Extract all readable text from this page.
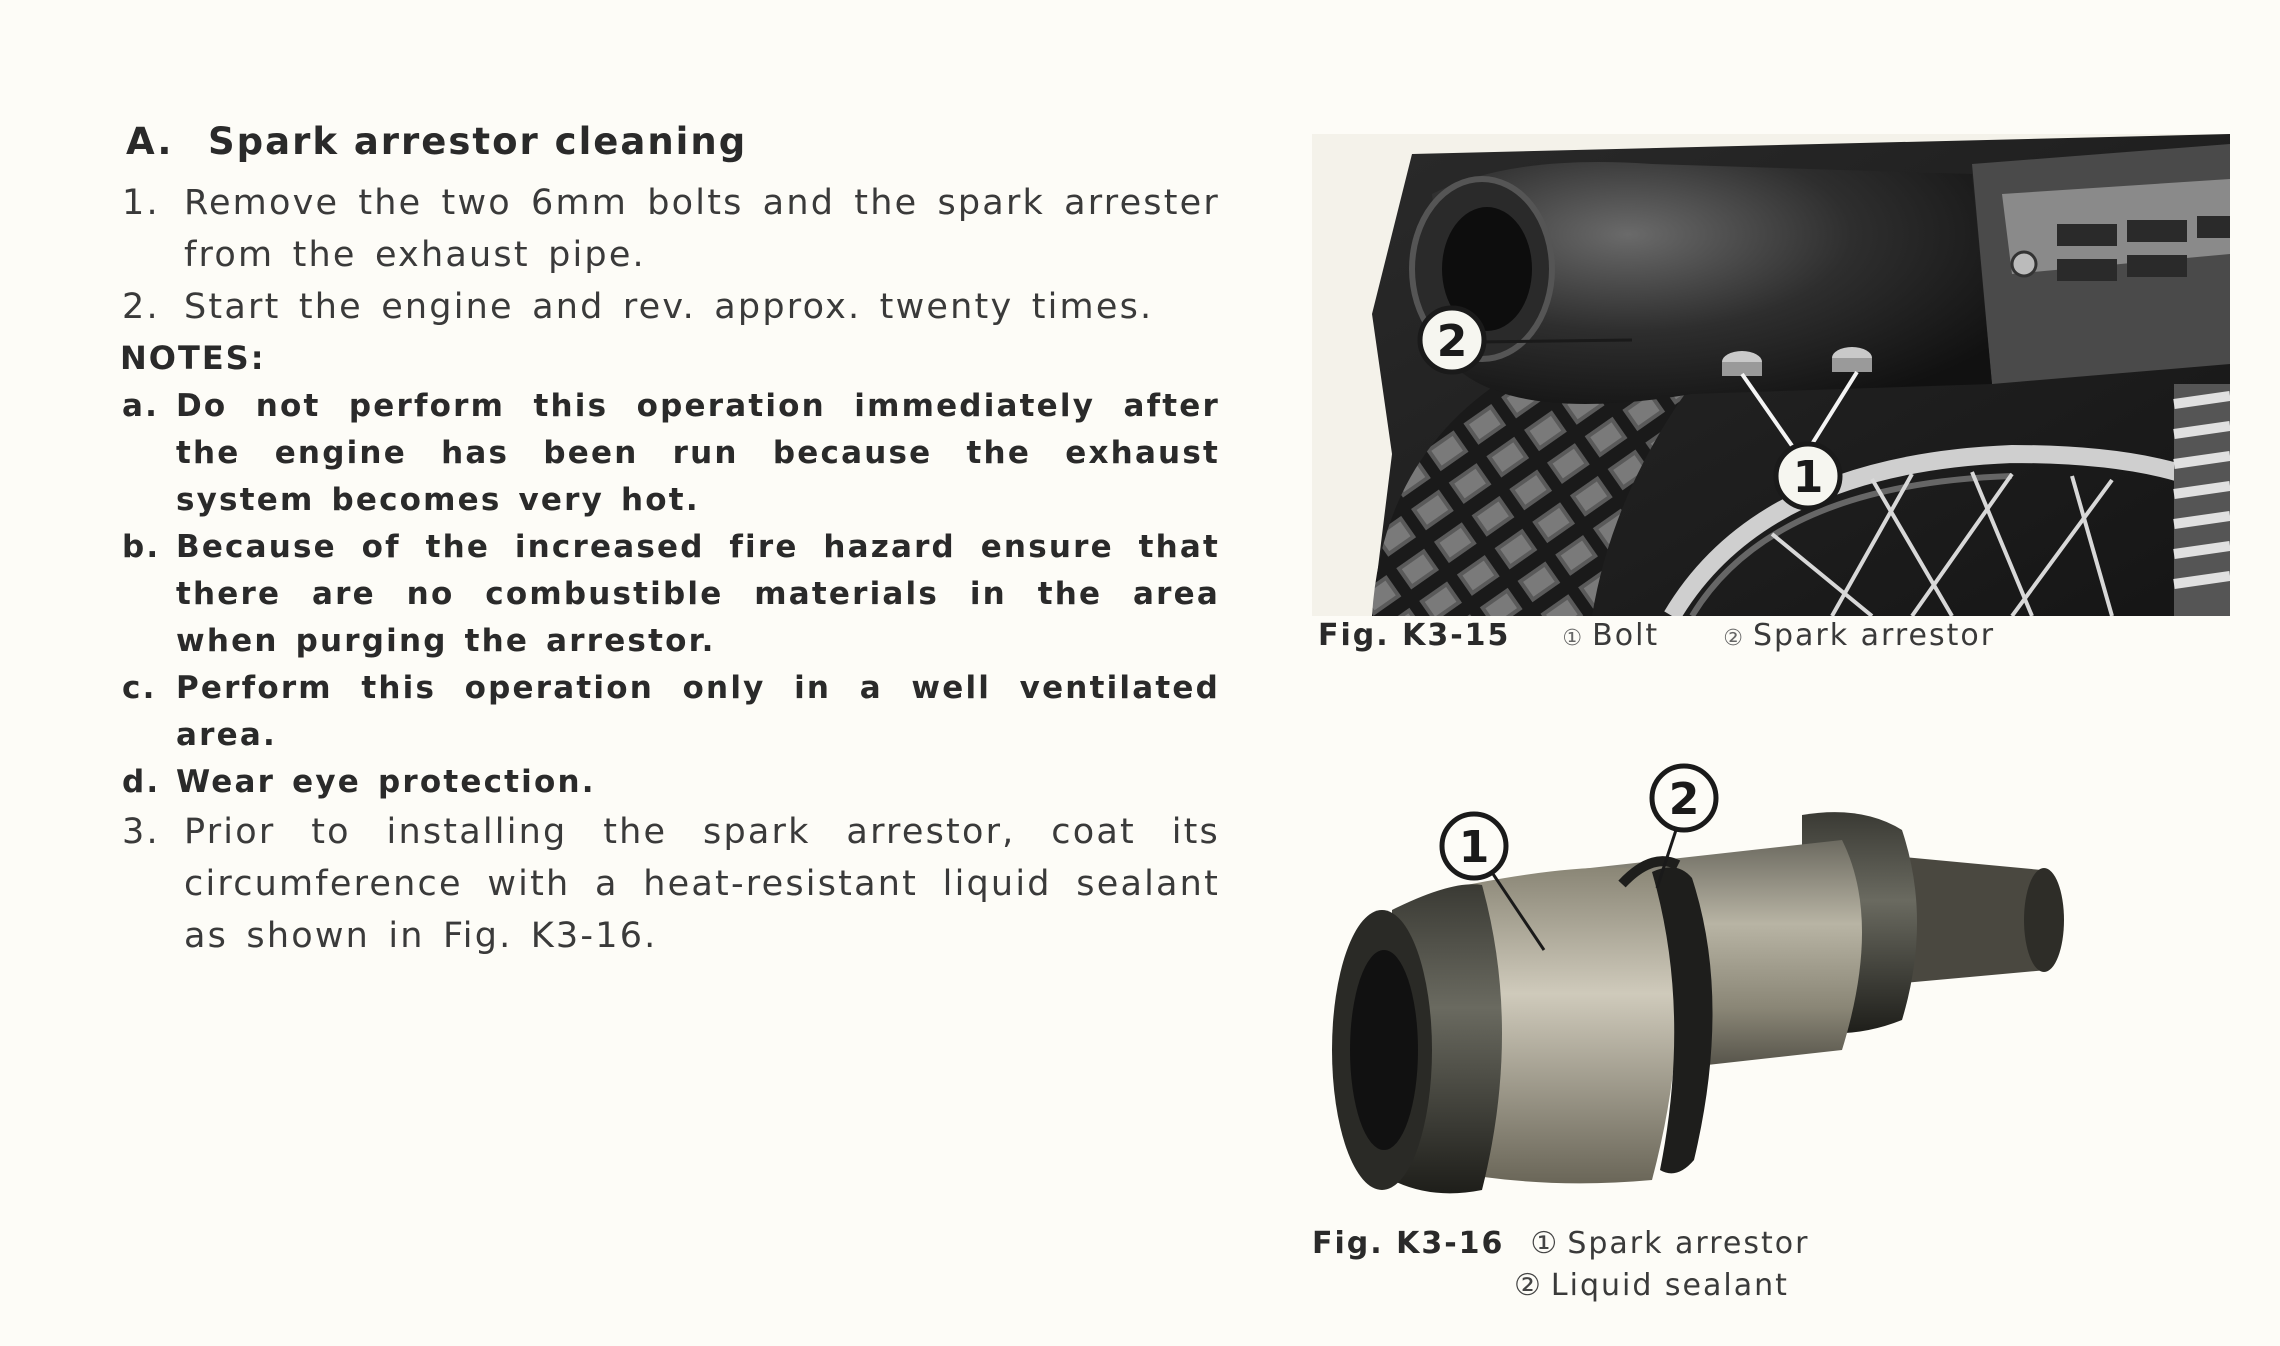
A. Spark arrestor cleaning
1. Remove the two 6mm bolts and the spark arrester from the exhaust pipe.
2. Start the engine and rev. approx. twenty times.
NOTES:
a. Do not perform this operation immediately after the engine has been run because the exhaust system becomes very hot.
b. Because of the increased fire hazard ensure that there are no combustible materials in the area when purging the arrestor.
c. Perform this operation only in a well ventilated area.
d. Wear eye protection.
3. Prior to installing the spark arrestor, coat its circumference with a heat-resistant liquid sealant as shown in Fig. K3-16.
2
1
Fig. K3-15 ① Bolt	② Spark arrestor
1
2
Fig. K3-16 ① Spark arrestor
② Liquid sealant
